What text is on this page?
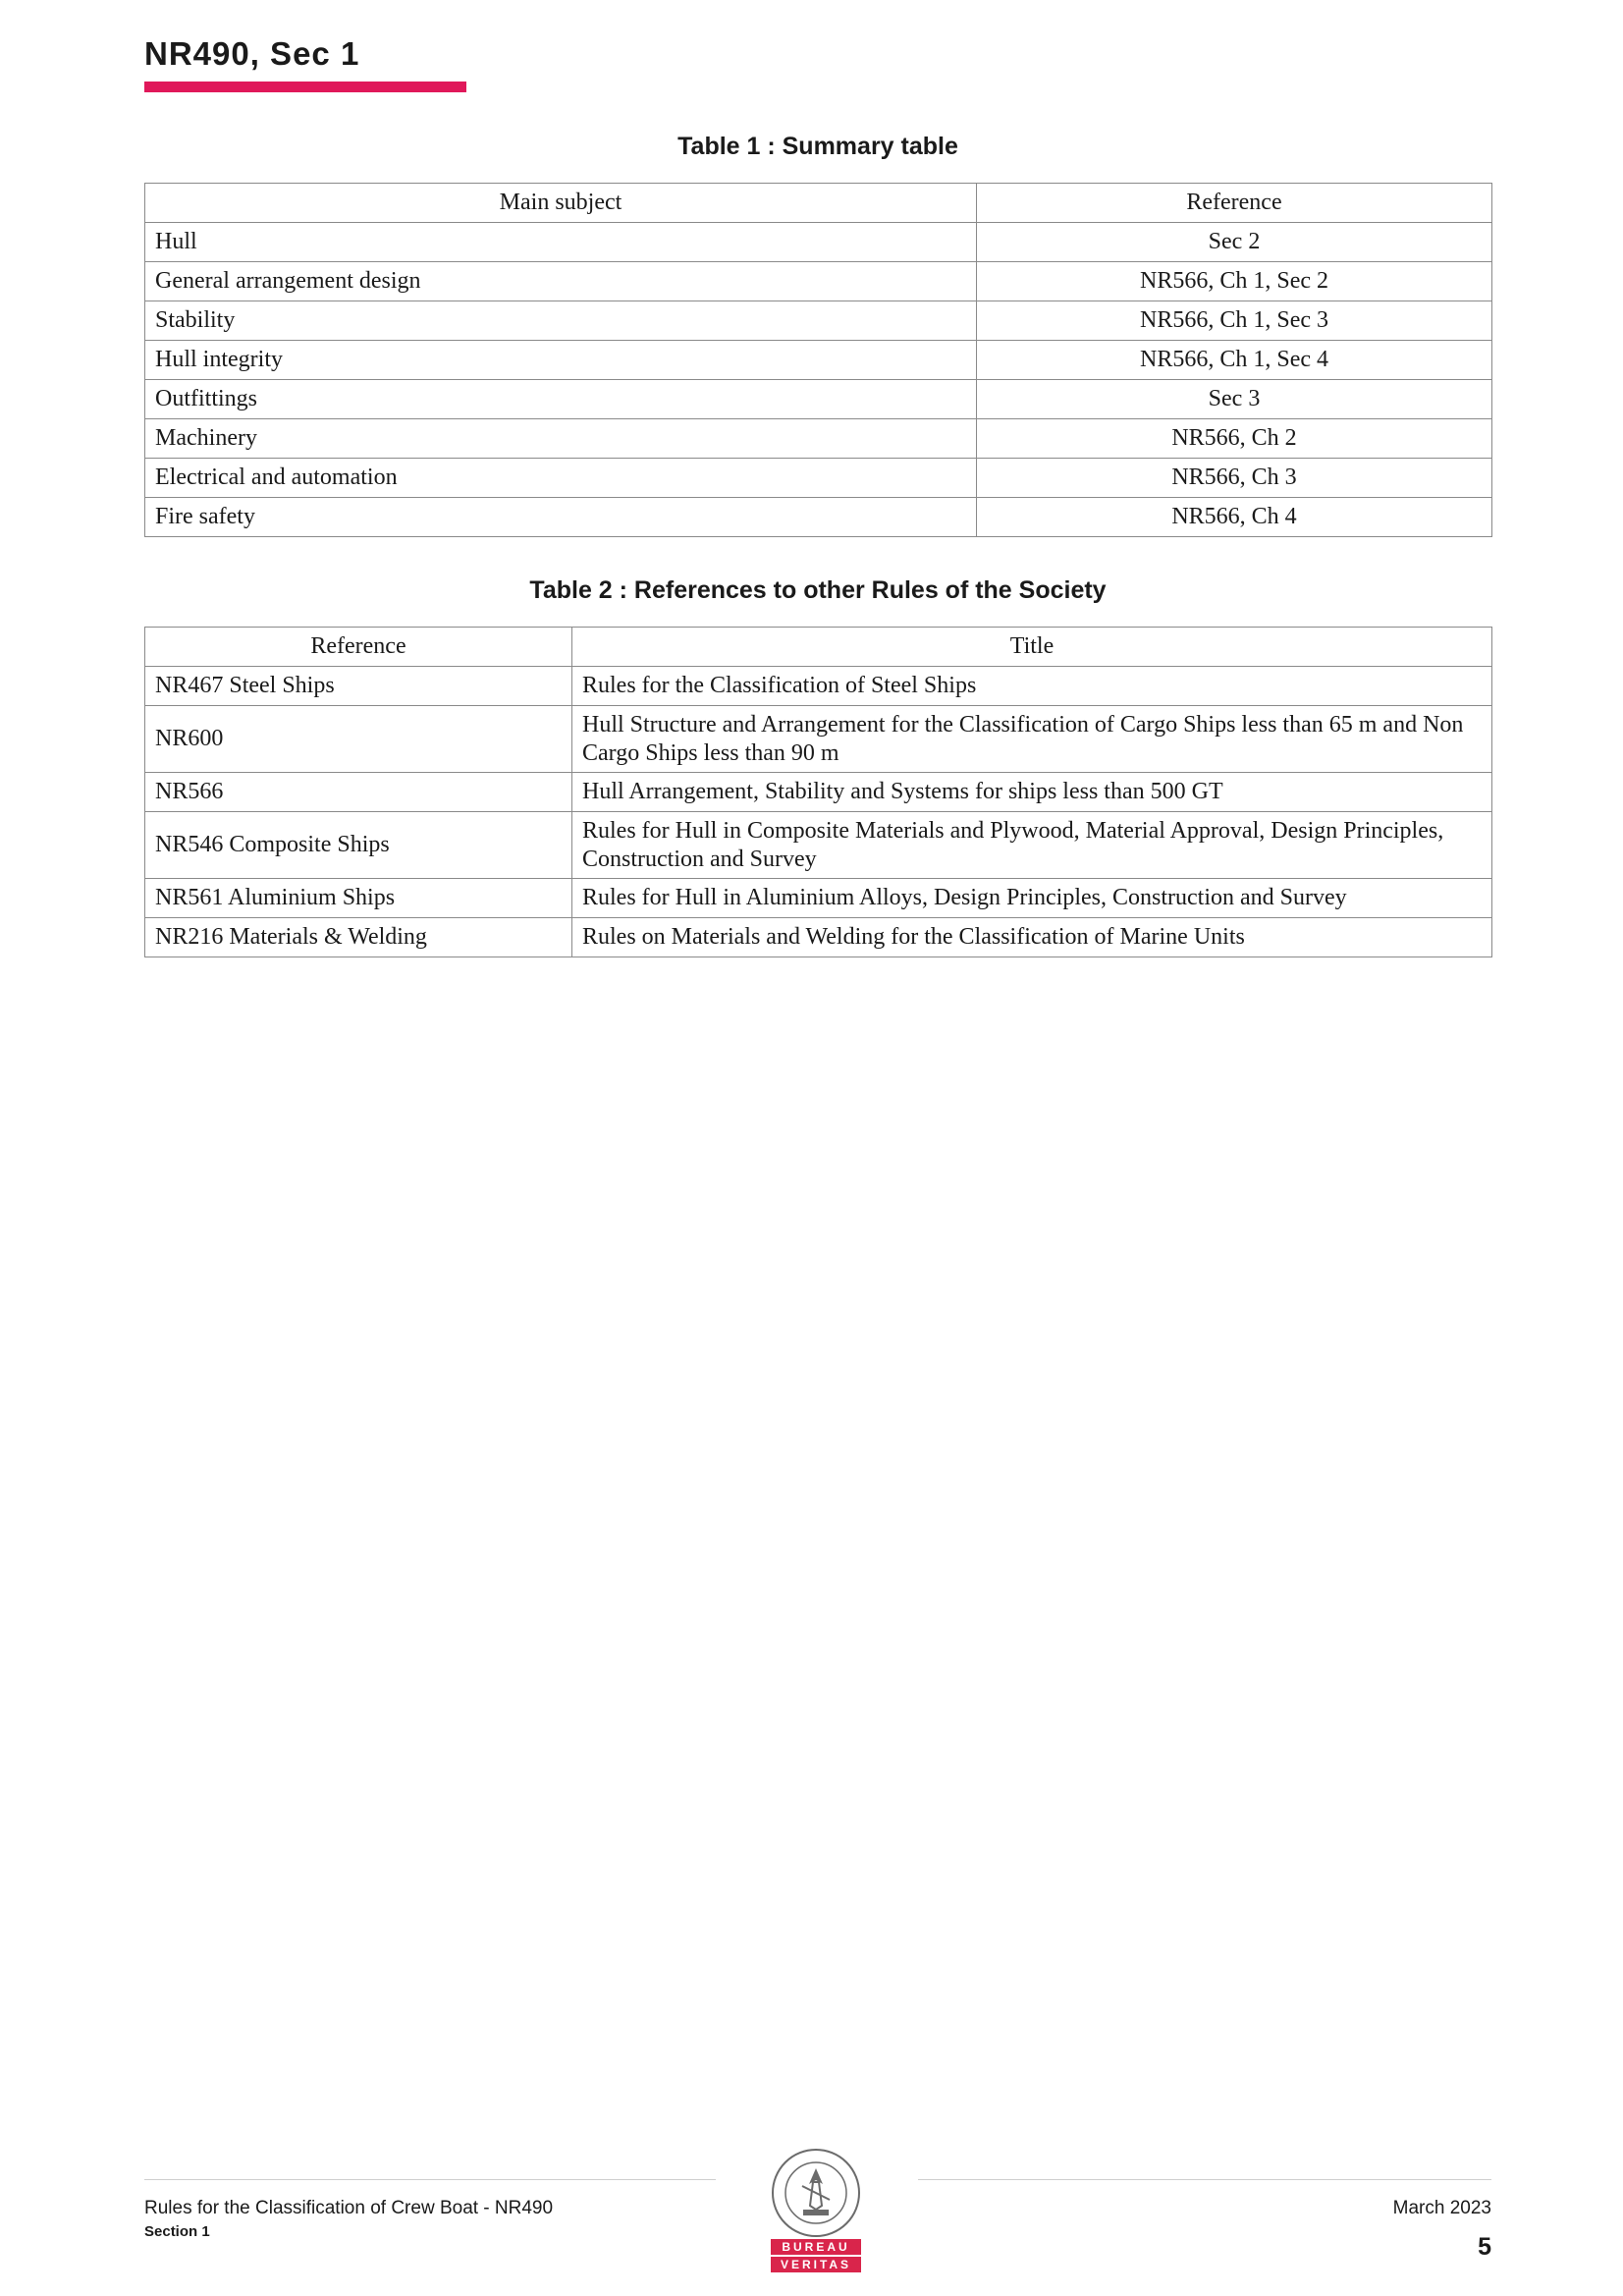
NR490, Sec 1
Table 1 : Summary table
Main subject	Reference
Hull	Sec 2
General arrangement design	NR566, Ch 1, Sec 2
Stability	NR566, Ch 1, Sec 3
Hull integrity	NR566, Ch 1, Sec 4
Outfittings	Sec 3
Machinery	NR566, Ch 2
Electrical and automation	NR566, Ch 3
Fire safety	NR566, Ch 4
Table 2 : References to other Rules of the Society
Reference	Title
NR467 Steel Ships	Rules for the Classification of Steel Ships
NR600	Hull Structure and Arrangement for the Classification of Cargo Ships less than 65 m and Non Cargo Ships less than 90 m
NR566	Hull Arrangement, Stability and Systems for ships less than 500 GT
NR546 Composite Ships	Rules for Hull in Composite Materials and Plywood, Material Approval, Design Principles, Construction and Survey
NR561 Aluminium Ships	Rules for Hull in Aluminium Alloys, Design Principles, Construction and Survey
NR216 Materials & Welding	Rules on Materials and Welding for the Classification of Marine Units
Rules for the Classification of Crew Boat - NR490
Section 1
BUREAU
VERITAS
March 2023
5
